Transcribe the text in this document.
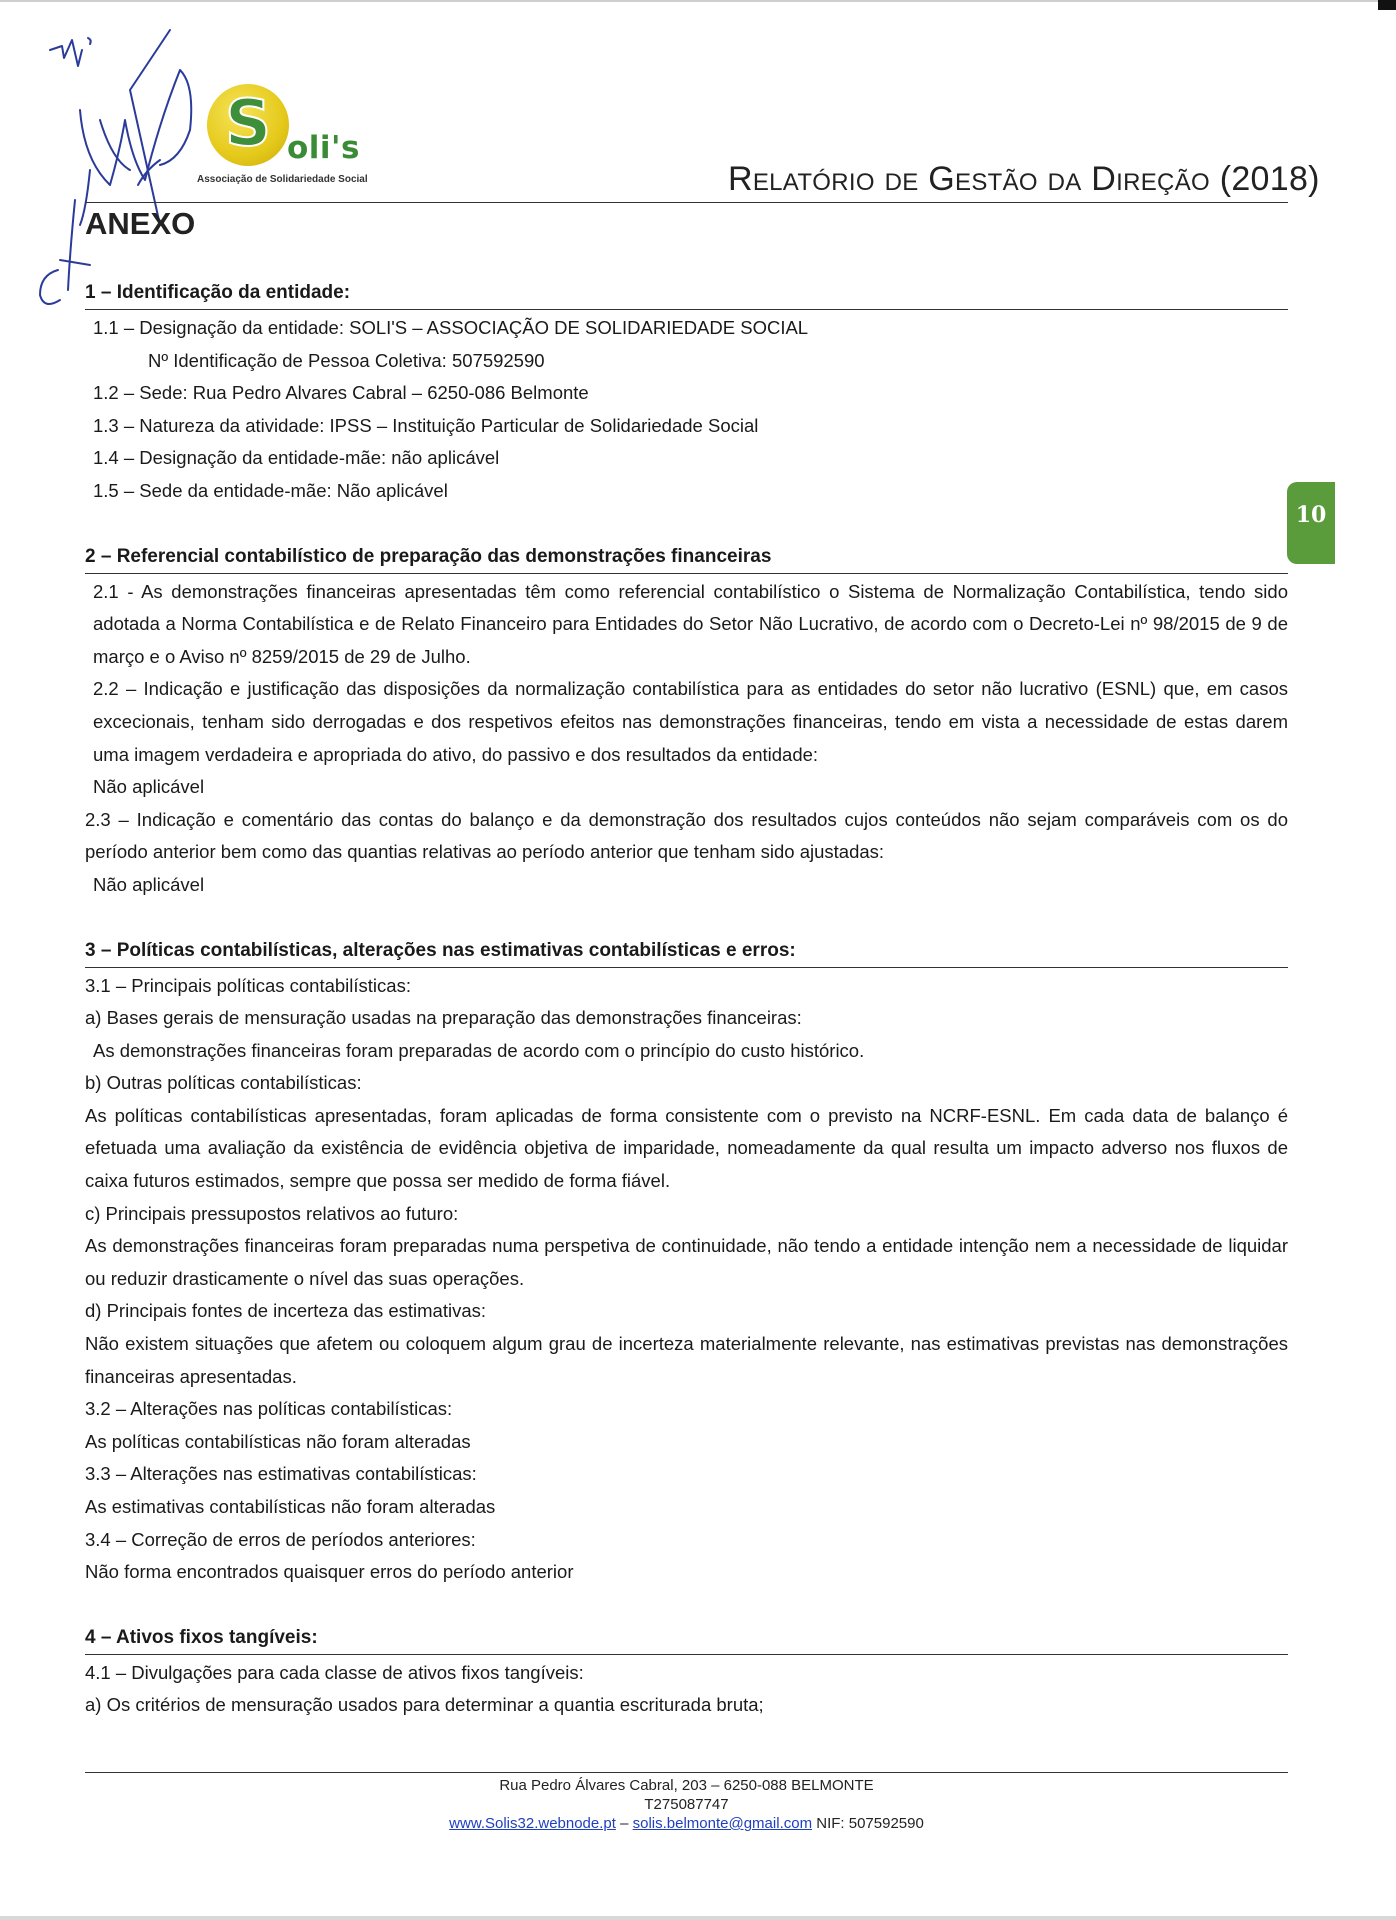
S oli's
Associação de Solidariedade Social	Relatório de Gestão da Direção (2018)
ANEXO
10
1 – Identificação da entidade:
1.1 – Designação da entidade: SOLI'S – ASSOCIAÇÃO DE SOLIDARIEDADE SOCIAL
Nº Identificação de Pessoa Coletiva: 507592590
1.2 – Sede: Rua Pedro Alvares Cabral – 6250-086 Belmonte
1.3 – Natureza da atividade: IPSS – Instituição Particular de Solidariedade Social
1.4 – Designação da entidade-mãe: não aplicável
1.5 – Sede da entidade-mãe: Não aplicável
2 – Referencial contabilístico de preparação das demonstrações financeiras
2.1 - As demonstrações financeiras apresentadas têm como referencial contabilístico o Sistema de Normalização Contabilística, tendo sido adotada a Norma Contabilística e de Relato Financeiro para Entidades do Setor Não Lucrativo, de acordo com o Decreto-Lei nº 98/2015 de 9 de março e o Aviso nº 8259/2015 de 29 de Julho.
2.2 – Indicação e justificação das disposições da normalização contabilística para as entidades do setor não lucrativo (ESNL) que, em casos excecionais, tenham sido derrogadas e dos respetivos efeitos nas demonstrações financeiras, tendo em vista a necessidade de estas darem uma imagem verdadeira e apropriada do ativo, do passivo e dos resultados da entidade:
Não aplicável
2.3 – Indicação e comentário das contas do balanço e da demonstração dos resultados cujos conteúdos não sejam comparáveis com os do período anterior bem como das quantias relativas ao período anterior que tenham sido ajustadas:
Não aplicável
3 – Políticas contabilísticas, alterações nas estimativas contabilísticas e erros:
3.1 – Principais políticas contabilísticas:
a) Bases gerais de mensuração usadas na preparação das demonstrações financeiras:
As demonstrações financeiras foram preparadas de acordo com o princípio do custo histórico.
b) Outras políticas contabilísticas:
As políticas contabilísticas apresentadas, foram aplicadas de forma consistente com o previsto na NCRF-ESNL. Em cada data de balanço é efetuada uma avaliação da existência de evidência objetiva de imparidade, nomeadamente da qual resulta um impacto adverso nos fluxos de caixa futuros estimados, sempre que possa ser medido de forma fiável.
c) Principais pressupostos relativos ao futuro:
As demonstrações financeiras foram preparadas numa perspetiva de continuidade, não tendo a entidade intenção nem a necessidade de liquidar ou reduzir drasticamente o nível das suas operações.
d) Principais fontes de incerteza das estimativas:
Não existem situações que afetem ou coloquem algum grau de incerteza materialmente relevante, nas estimativas previstas nas demonstrações financeiras apresentadas.
3.2 – Alterações nas políticas contabilísticas:
As políticas contabilísticas não foram alteradas
3.3 – Alterações nas estimativas contabilísticas:
As estimativas contabilísticas não foram alteradas
3.4 – Correção de erros de períodos anteriores:
Não forma encontrados quaisquer erros do período anterior
4 – Ativos fixos tangíveis:
4.1 – Divulgações para cada classe de ativos fixos tangíveis:
a) Os critérios de mensuração usados para determinar a quantia escriturada bruta;
Rua Pedro Álvares Cabral, 203 – 6250-088 BELMONTE
T275087747
www.Solis32.webnode.pt – solis.belmonte@gmail.com NIF: 507592590
